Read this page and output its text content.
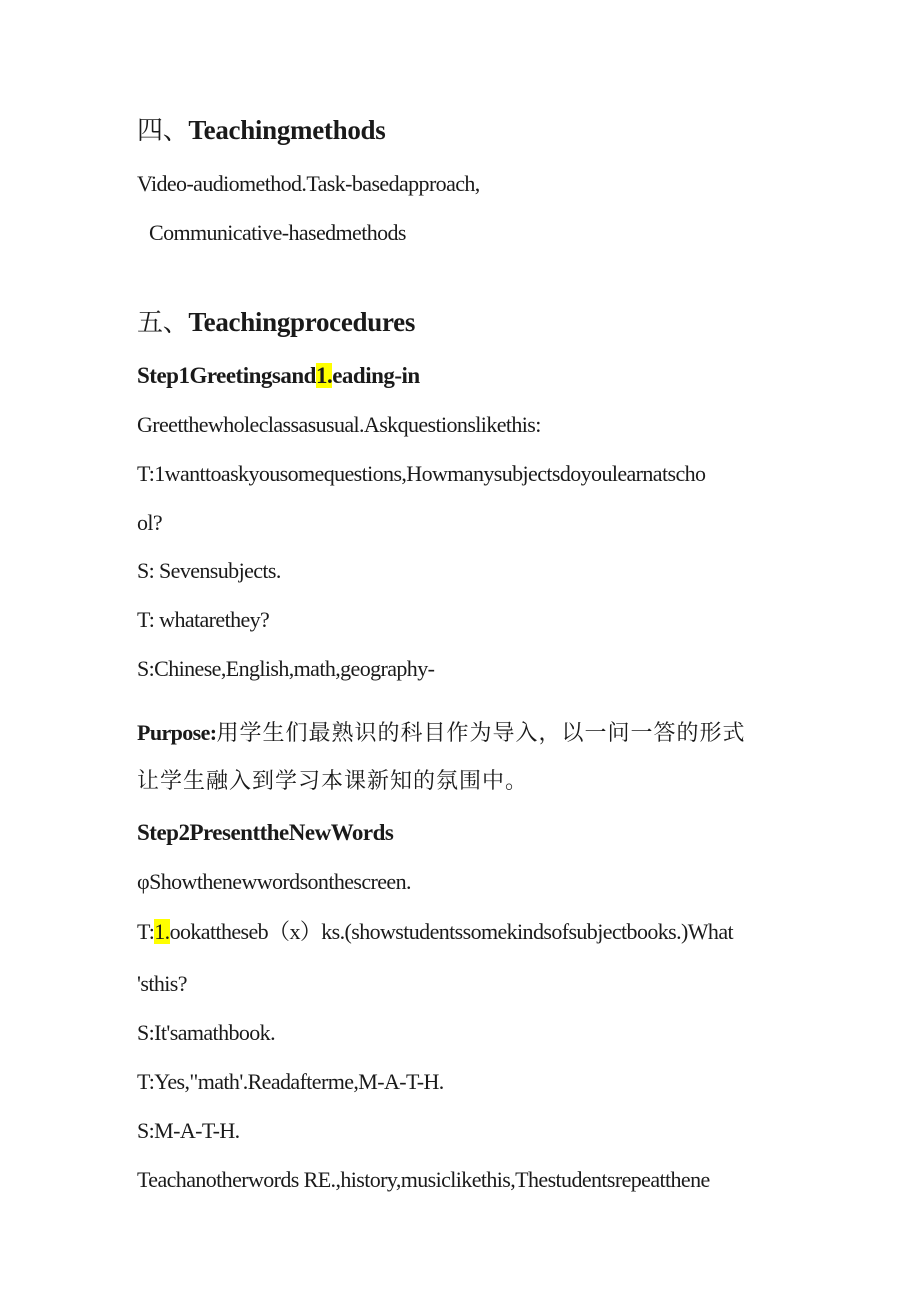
四、Teachingmethods
Video-audiomethod.Task-basedapproach,
Communicative-hasedmethods
五、Teachingprocedures
Step1Greetingsand1.eading-in
Greetthewholeclassasusual.Askquestionslikethis:
T:1wanttoaskyousomequestions,Howmanysubjectsdoyoulearnatscho
ol?
S: Sevensubjects.
T: whatarethey?
S:Chinese,English,math,geography-
Purpose:用学生们最熟识的科目作为导入，以一问一答的形式
让学生融入到学习本课新知的氛围中。
Step2PresenttheNewWords
φShowthenewwordsonthescreen.
T:1.ookattheseb（x）ks.(showstudentssomekindsofsubjectbooks.)What
'sthis?
S:It'samathbook.
T:Yes,"math'.Readafterme,M-A-T-H.
S:M-A-T-H.
Teachanotherwords RE.,history,musiclikethis,Thestudentsrepeatthene
